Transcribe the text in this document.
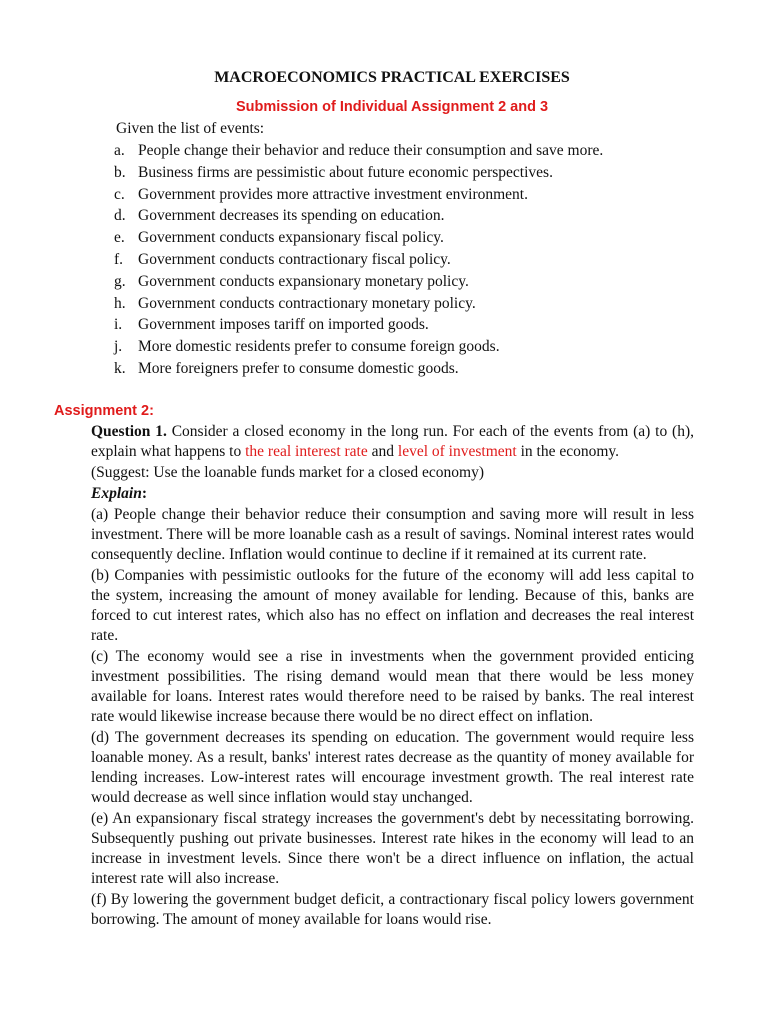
MACROECONOMICS PRACTICAL EXERCISES
Submission of Individual Assignment 2 and 3
Given the list of events:
a. People change their behavior and reduce their consumption and save more.
b. Business firms are pessimistic about future economic perspectives.
c. Government provides more attractive investment environment.
d. Government decreases its spending on education.
e. Government conducts expansionary fiscal policy.
f. Government conducts contractionary fiscal policy.
g. Government conducts expansionary monetary policy.
h. Government conducts contractionary monetary policy.
i. Government imposes tariff on imported goods.
j. More domestic residents prefer to consume foreign goods.
k. More foreigners prefer to consume domestic goods.
Assignment 2:

Question 1. Consider a closed economy in the long run. For each of the events from (a) to (h), explain what happens to the real interest rate and level of investment in the economy.

(Suggest: Use the loanable funds market for a closed economy)

Explain:

(a) People change their behavior reduce their consumption and saving more will result in less investment. There will be more loanable cash as a result of savings. Nominal interest rates would consequently decline. Inflation would continue to decline if it remained at its current rate.

(b) Companies with pessimistic outlooks for the future of the economy will add less capital to the system, increasing the amount of money available for lending. Because of this, banks are forced to cut interest rates, which also has no effect on inflation and decreases the real interest rate.

(c) The economy would see a rise in investments when the government provided enticing investment possibilities. The rising demand would mean that there would be less money available for loans. Interest rates would therefore need to be raised by banks. The real interest rate would likewise increase because there would be no direct effect on inflation.

(d) The government decreases its spending on education. The government would require less loanable money. As a result, banks' interest rates decrease as the quantity of money available for lending increases. Low-interest rates will encourage investment growth. The real interest rate would decrease as well since inflation would stay unchanged.

(e) An expansionary fiscal strategy increases the government's debt by necessitating borrowing. Subsequently pushing out private businesses. Interest rate hikes in the economy will lead to an increase in investment levels. Since there won't be a direct influence on inflation, the actual interest rate will also increase.

(f) By lowering the government budget deficit, a contractionary fiscal policy lowers government borrowing. The amount of money available for loans would rise.
